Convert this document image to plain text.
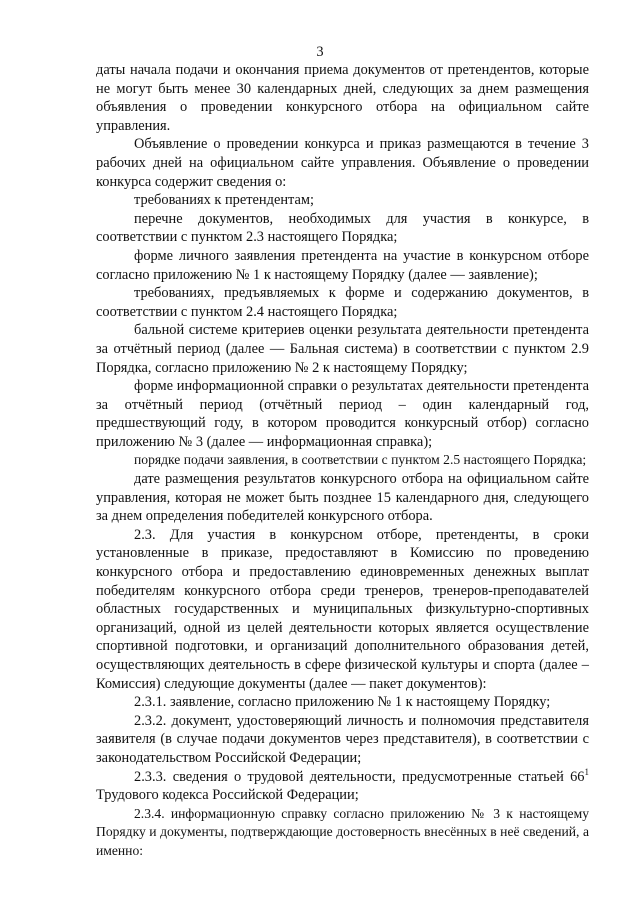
3

даты начала подачи и окончания приема документов от претендентов, которые не могут быть менее 30 календарных дней, следующих за днем размещения объявления о проведении конкурсного отбора на официальном сайте управления.

Объявление о проведении конкурса и приказ размещаются в течение 3 рабочих дней на официальном сайте управления. Объявление о проведении конкурса содержит сведения о:

требованиях к претендентам;

перечне документов, необходимых для участия в конкурсе, в соответствии с пунктом 2.3 настоящего Порядка;

форме личного заявления претендента на участие в конкурсном отборе согласно приложению № 1 к настоящему Порядку (далее — заявление);

требованиях, предъявляемых к форме и содержанию документов, в соответствии с пунктом 2.4 настоящего Порядка;

бальной системе критериев оценки результата деятельности претендента за отчётный период (далее — Бальная система) в соответствии с пунктом 2.9 Порядка, согласно приложению № 2 к настоящему Порядку;

форме информационной справки о результатах деятельности претендента за отчётный период (отчётный период – один календарный год, предшествующий году, в котором проводится конкурсный отбор) согласно приложению № 3 (далее — информационная справка);

порядке подачи заявления, в соответствии с пунктом 2.5 настоящего Порядка;

дате размещения результатов конкурсного отбора на официальном сайте управления, которая не может быть позднее 15 календарного дня, следующего за днем определения победителей конкурсного отбора.

2.3. Для участия в конкурсном отборе, претенденты, в сроки установленные в приказе, предоставляют в Комиссию по проведению конкурсного отбора и предоставлению единовременных денежных выплат победителям конкурсного отбора среди тренеров, тренеров-преподавателей областных государственных и муниципальных физкультурно-спортивных организаций, одной из целей деятельности которых является осуществление спортивной подготовки, и организаций дополнительного образования детей, осуществляющих деятельность в сфере физической культуры и спорта (далее – Комиссия) следующие документы (далее — пакет документов):

2.3.1. заявление, согласно приложению № 1 к настоящему Порядку;

2.3.2. документ, удостоверяющий личность и полномочия представителя заявителя (в случае подачи документов через представителя), в соответствии с законодательством Российской Федерации;

2.3.3. сведения о трудовой деятельности, предусмотренные статьей $66^1$ Трудового кодекса Российской Федерации;

2.3.4. информационную справку согласно приложению № 3 к настоящему Порядку и документы, подтверждающие достоверность внесённых в неё сведений, а именно:
